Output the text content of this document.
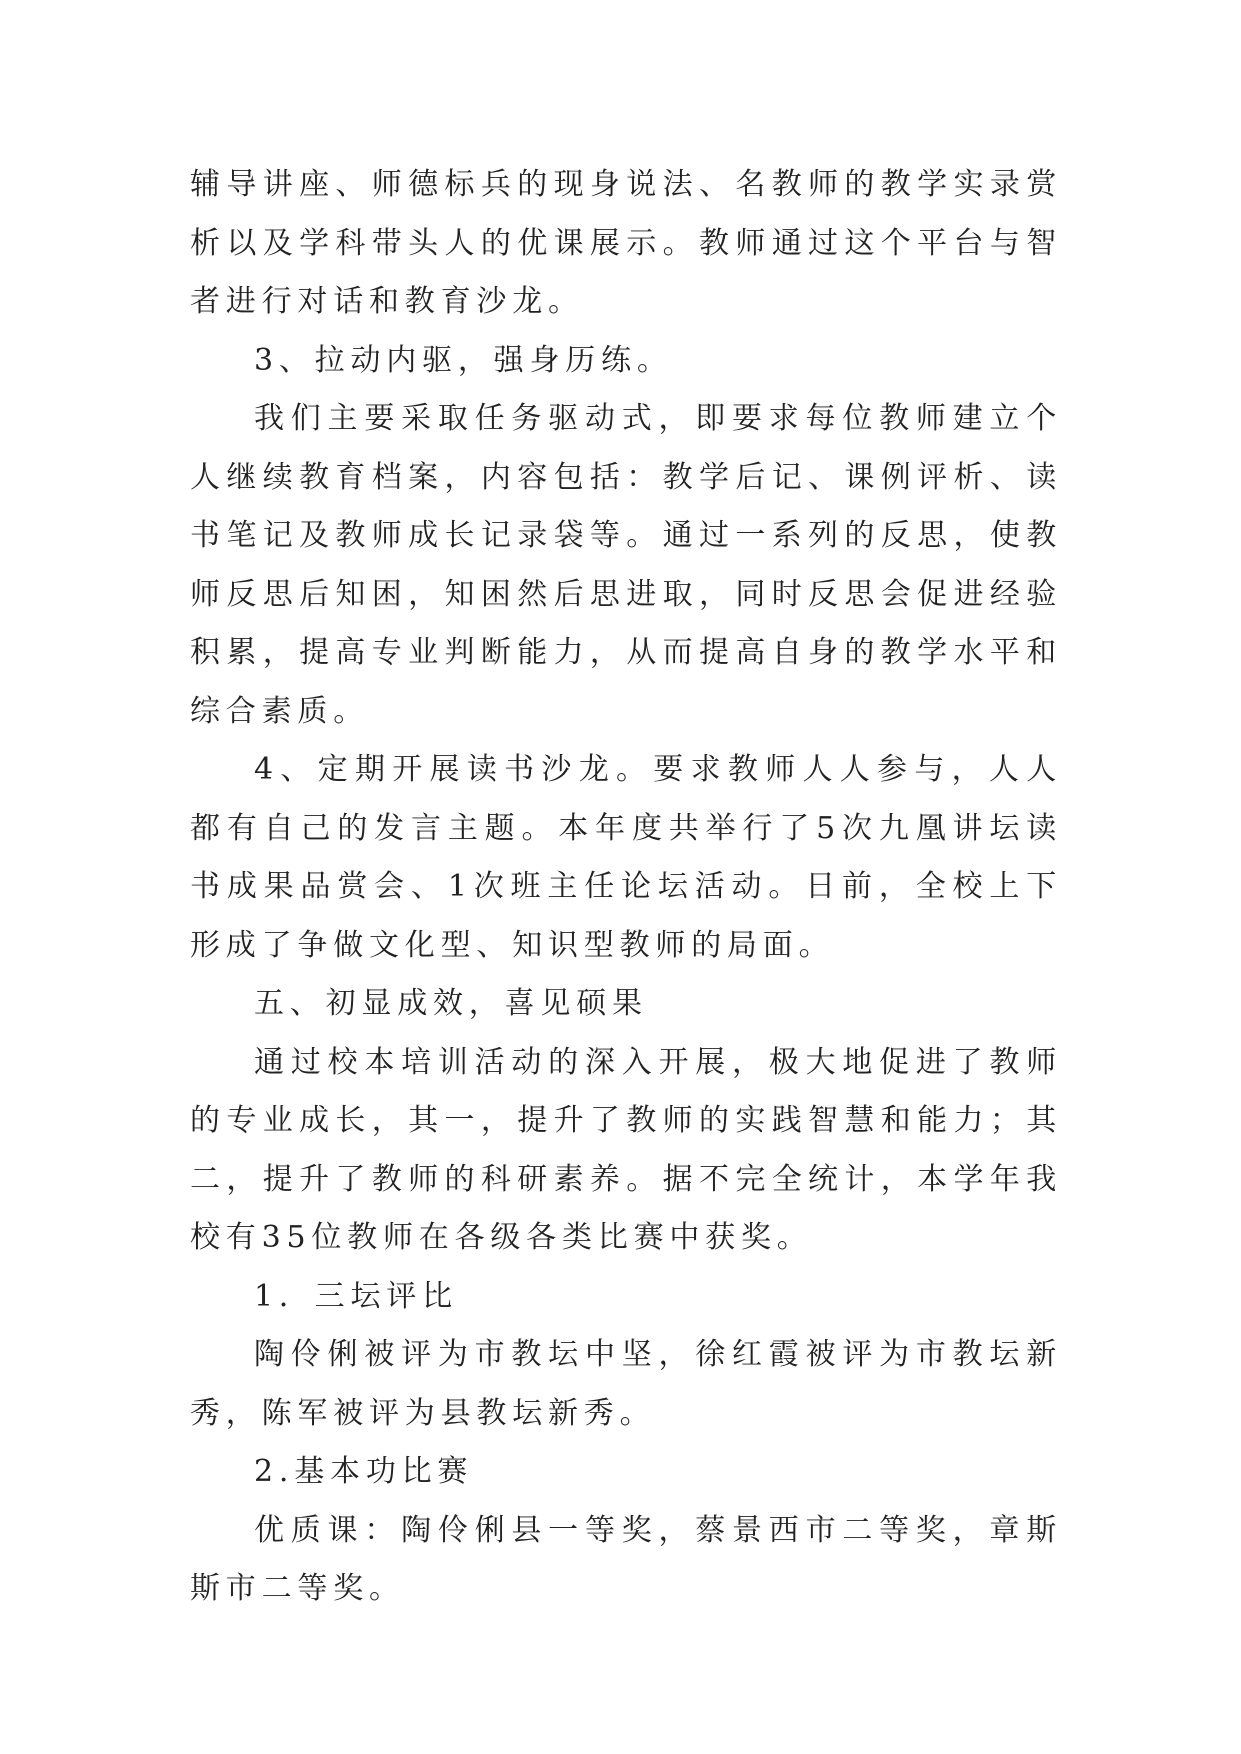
辅导讲座、师德标兵的现身说法、名教师的教学实录赏析以及学科带头人的优课展示。教师通过这个平台与智者进行对话和教育沙龙。

3、拉动内驱，强身历练。

我们主要采取任务驱动式，即要求每位教师建立个人继续教育档案，内容包括：教学后记、课例评析、读书笔记及教师成长记录袋等。通过一系列的反思，使教师反思后知困，知困然后思进取，同时反思会促进经验积累，提高专业判断能力，从而提高自身的教学水平和综合素质。

4、定期开展读书沙龙。要求教师人人参与，人人都有自己的发言主题。本年度共举行了5次九凰讲坛读书成果品赏会、1次班主任论坛活动。日前，全校上下形成了争做文化型、知识型教师的局面。

五、初显成效，喜见硕果

通过校本培训活动的深入开展，极大地促进了教师的专业成长，其一，提升了教师的实践智慧和能力；其二，提升了教师的科研素养。据不完全统计，本学年我校有35位教师在各级各类比赛中获奖。

1．三坛评比

陶伶俐被评为市教坛中坚，徐红霞被评为市教坛新秀，陈军被评为县教坛新秀。

2.基本功比赛

优质课：陶伶俐县一等奖，蔡景西市二等奖，章斯斯市二等奖。
